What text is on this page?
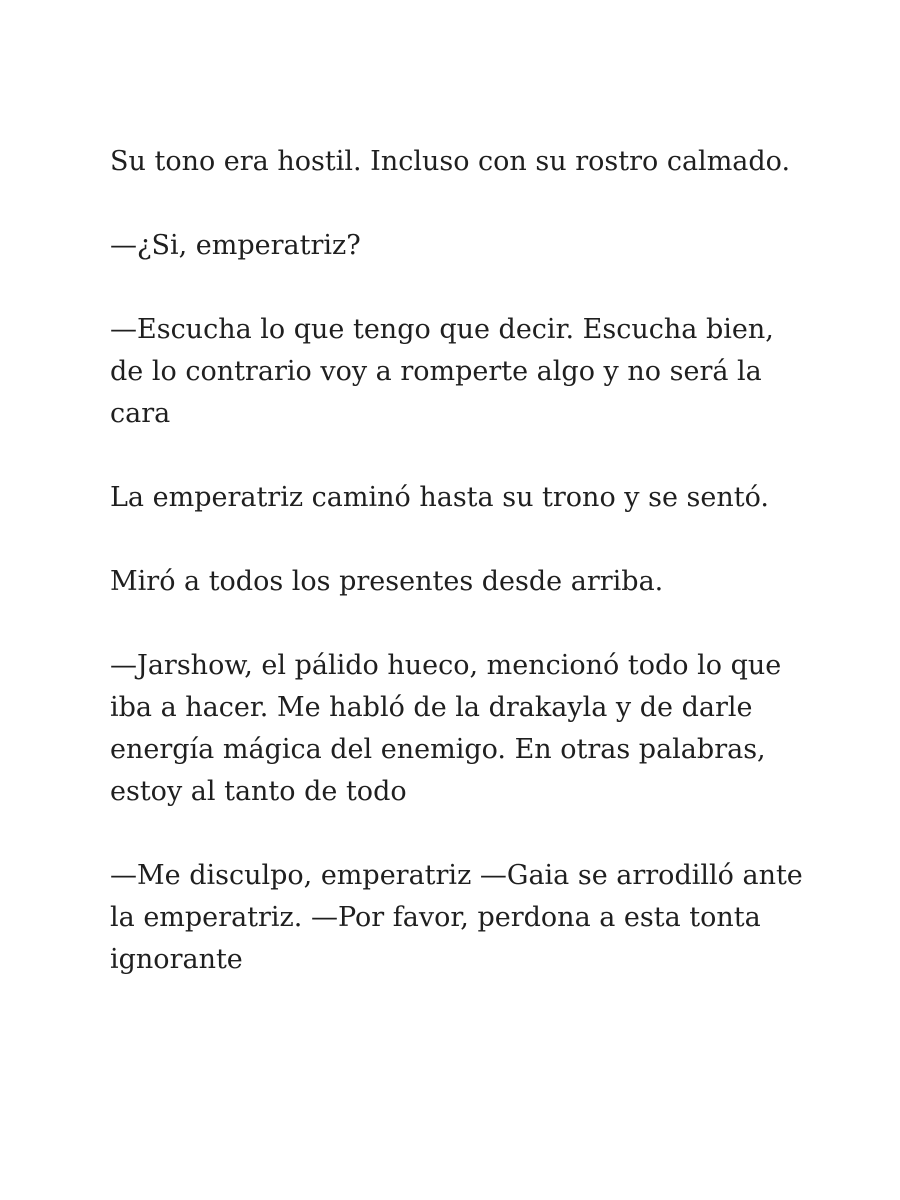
Su tono era hostil. Incluso con su rostro calmado.

—¿Si, emperatriz?

—Escucha lo que tengo que decir. Escucha bien, de lo contrario voy a romperte algo y no será la cara

La emperatriz caminó hasta su trono y se sentó.

Miró a todos los presentes desde arriba.

—Jarshow, el pálido hueco, mencionó todo lo que iba a hacer. Me habló de la drakayla y de darle energía mágica del enemigo. En otras palabras, estoy al tanto de todo

—Me disculpo, emperatriz —Gaia se arrodilló ante la emperatriz. —Por favor, perdona a esta tonta ignorante
